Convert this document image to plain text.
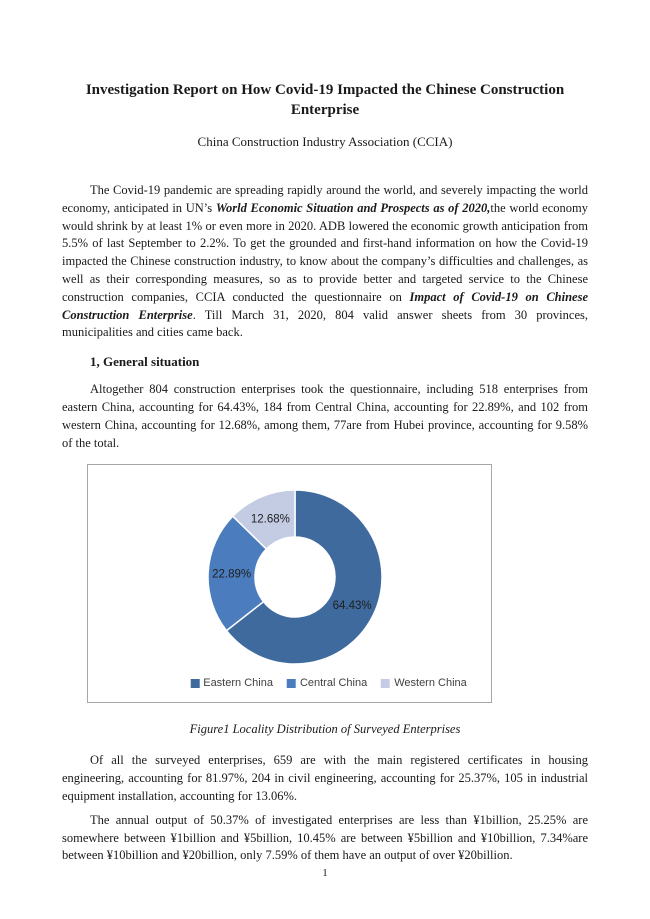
Investigation Report on How Covid-19 Impacted the Chinese Construction Enterprise
China Construction Industry Association (CCIA)

The Covid-19 pandemic are spreading rapidly around the world, and severely impacting the world economy, anticipated in UN’s World Economic Situation and Prospects as of 2020,the world economy would shrink by at least 1% or even more in 2020. ADB lowered the economic growth anticipation from 5.5% of last September to 2.2%. To get the grounded and first-hand information on how the Covid-19 impacted the Chinese construction industry, to know about the company’s difficulties and challenges, as well as their corresponding measures, so as to provide better and targeted service to the Chinese construction companies, CCIA conducted the questionnaire on Impact of Covid-19 on Chinese Construction Enterprise. Till March 31, 2020, 804 valid answer sheets from 30 provinces, municipalities and cities came back.

1, General situation

Altogether 804 construction enterprises took the questionnaire, including 518 enterprises from eastern China, accounting for 64.43%, 184 from Central China, accounting for 22.89%, and 102 from western China, accounting for 12.68%, among them, 77are from Hubei province, accounting for 9.58% of the total.

64.43%
22.89%
12.68%
Eastern China Central China Western China
Figure1 Locality Distribution of Surveyed Enterprises

Of all the surveyed enterprises, 659 are with the main registered certificates in housing engineering, accounting for 81.97%, 204 in civil engineering, accounting for 25.37%, 105 in industrial equipment installation, accounting for 13.06%.

The annual output of 50.37% of investigated enterprises are less than ¥1billion, 25.25% are somewhere between ¥1billion and ¥5billion, 10.45% are between ¥5billion and ¥10billion, 7.34%are between ¥10billion and ¥20billion, only 7.59% of them have an output of over ¥20billion.

1
